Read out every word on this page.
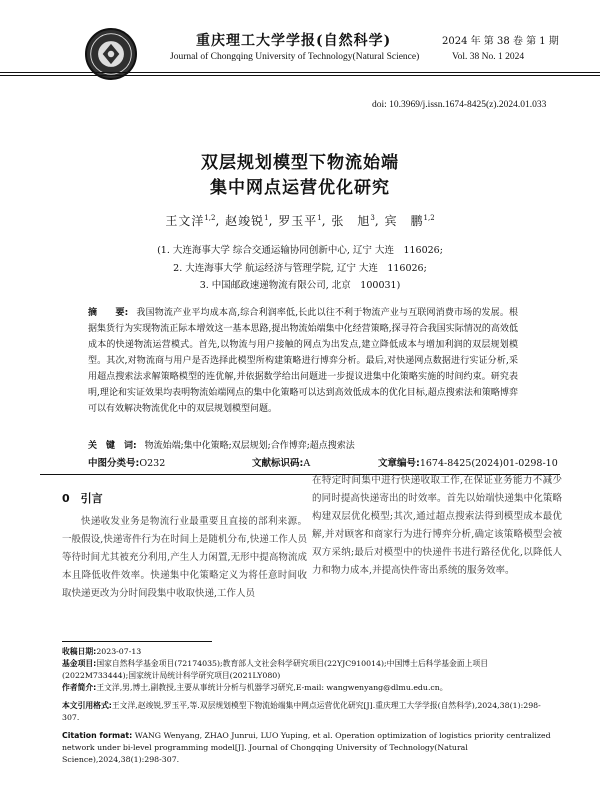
重庆理工大学学报(自然科学)
Journal of Chongqing University of Technology(Natural Science)
2024 年 第 38 卷 第 1 期
Vol. 38 No. 1 2024
doi: 10.3969/j.issn.1674-8425(z).2024.01.033
双层规划模型下物流始端
集中网点运营优化研究
王文洋$^{1,2}$, 赵竣锐$^1$, 罗玉平$^1$, 张　旭$^3$, 宾　鹏$^{1,2}$
(1. 大连海事大学 综合交通运输协同创新中心, 辽宁 大连　116026;
2. 大连海事大学 航运经济与管理学院, 辽宁 大连　116026;
3. 中国邮政速递物流有限公司, 北京　100031)
摘　　要: 我国物流产业平均成本高,综合利润率低,长此以往不利于物流产业与互联网消费市场的发展。根据集货行为实现物流正际本增效这一基本思路,提出物流始端集中化经营策略,探寻符合我国实际情况的高效低成本的快递物流运营模式。首先,以物流与用户接触的网点为出发点,建立降低成本与增加利润的双层规划模型。其次,对物流商与用户是否选择此模型所构建策略进行博弈分析。最后,对快递网点数据进行实证分析,采用超点搜索法求解策略模型的连优解,并依据数学给出问题进一步提议进集中化策略实施的时间约束。研究表明,理论和实证效果均表明物流始端网点的集中化策略可以达到高效低成本的优化目标,超点搜索法和策略博弈可以有效解决物流优化中的双层规划模型问题。
关　键　词: 物流始端;集中化策略;双层规划;合作博弈;超点搜索法
中图分类号:O232	文献标识码:A	文章编号:1674-8425(2024)01-0298-10
0　引言
快递收发业务是物流行业最重要且直接的部利来源。一般假设,快递寄件行为在时间上是随机分布,快递工作人员等待时间尤其被充分利用,产生人力闲置,无形中提高物流成本且降低收件效率。快递集中化策略定义为将任意时间收取快递更改为分时间段集中收取快递,工作人员
在特定时间集中进行快递收取工作,在保证业务能力不减少的同时提高快递寄出的时效率。首先以始端快递集中化策略构建双层优化模型;其次,通过超点搜索法得到模型成本最优解,并对顾客和商家行为进行博弈分析,确定该策略模型会被双方采纳;最后对模型中的快递件书进行路径优化,以降低人力和物力成本,并提高快件寄出系统的服务效率。
收稿日期:2023-07-13
基金项目:国家自然科学基金项目(72174035);教育部人文社会科学研究项目(22YJC910014);中国博士后科学基金面上项目(2022M733444);国家统计局统计科学研究项目(2021LY080)
作者简介:王文洋,男,博士,副教授,主要从事统计分析与机器学习研究,E-mail: wangwenyang@dlmu.edu.cn。
本文引用格式:王文洋,赵竣锐,罗玉平,等.双层规划模型下物流始端集中网点运营优化研究[J].重庆理工大学学报(自然科学),2024,38(1):298-307.
Citation format: WANG Wenyang, ZHAO Junrui, LUO Yuping, et al. Operation optimization of logistics priority centralized network under bi-level programming model[J]. Journal of Chongqing University of Technology(Natural Science),2024,38(1):298-307.
